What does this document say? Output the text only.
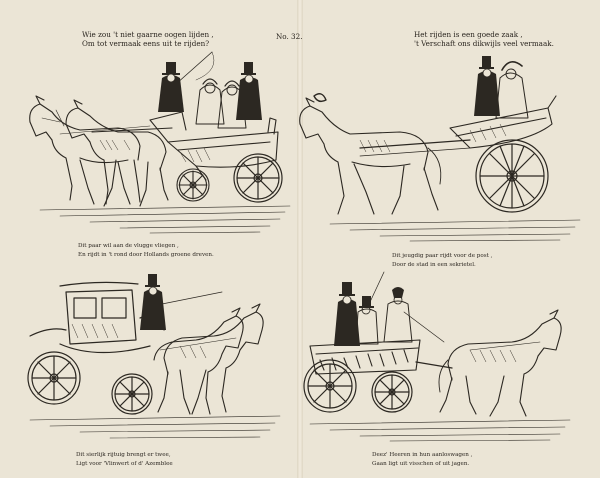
Wie zou 't niet gaarne oogen lijden ,
Om tot vermaak eens uit te rijden?
No. 32.	Het rijden is een goede zaak ,
't Verschaft ons dikwijls veel vermaak.
Dit paar wil aan de vlugge vliegen ,
En rijdt in 't rond door Hollands groene dreven.	Dit jeugdig paar rijdt voor de post ,
Door de stad in een sekrietel.
Dit sierlijk rijtuig brengt er twee,
Ligt voor 'Vlinwert of d' Azemblee
Deez' Heeren in hun aanloswagen ,
Gaan ligt uit visschen of uit jagen.
